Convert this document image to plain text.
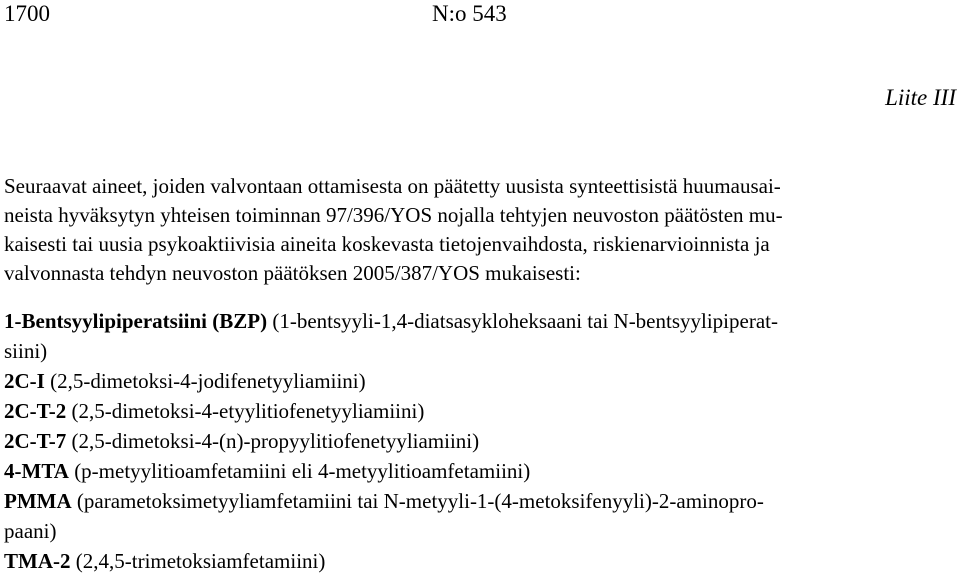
1700	N:o 543
Liite III
Seuraavat aineet, joiden valvontaan ottamisesta on päätetty uusista synteettisistä huumausai-
neista hyväksytyn yhteisen toiminnan 97/396/YOS nojalla tehtyjen neuvoston päätösten mu-
kaisesti tai uusia psykoaktiivisia aineita koskevasta tietojenvaihdosta, riskienarvioinnista ja
valvonnasta tehdyn neuvoston päätöksen 2005/387/YOS mukaisesti:
1-Bentsyylipiperatsiini (BZP) (1-bentsyyli-1,4-diatsasykloheksaani tai N-bentsyylipiperat-
siini)
2C-I (2,5-dimetoksi-4-jodifenetyyliamiini)
2C-T-2 (2,5-dimetoksi-4-etyylitiofenetyyliamiini)
2C-T-7 (2,5-dimetoksi-4-(n)-propyylitiofenetyyliamiini)
4-MTA (p-metyylitioamfetamiini eli 4-metyylitioamfetamiini)
PMMA (parametoksimetyyliamfetamiini tai N-metyyli-1-(4-metoksifenyyli)-2-aminopro-
paani)
TMA-2 (2,4,5-trimetoksiamfetamiini)
